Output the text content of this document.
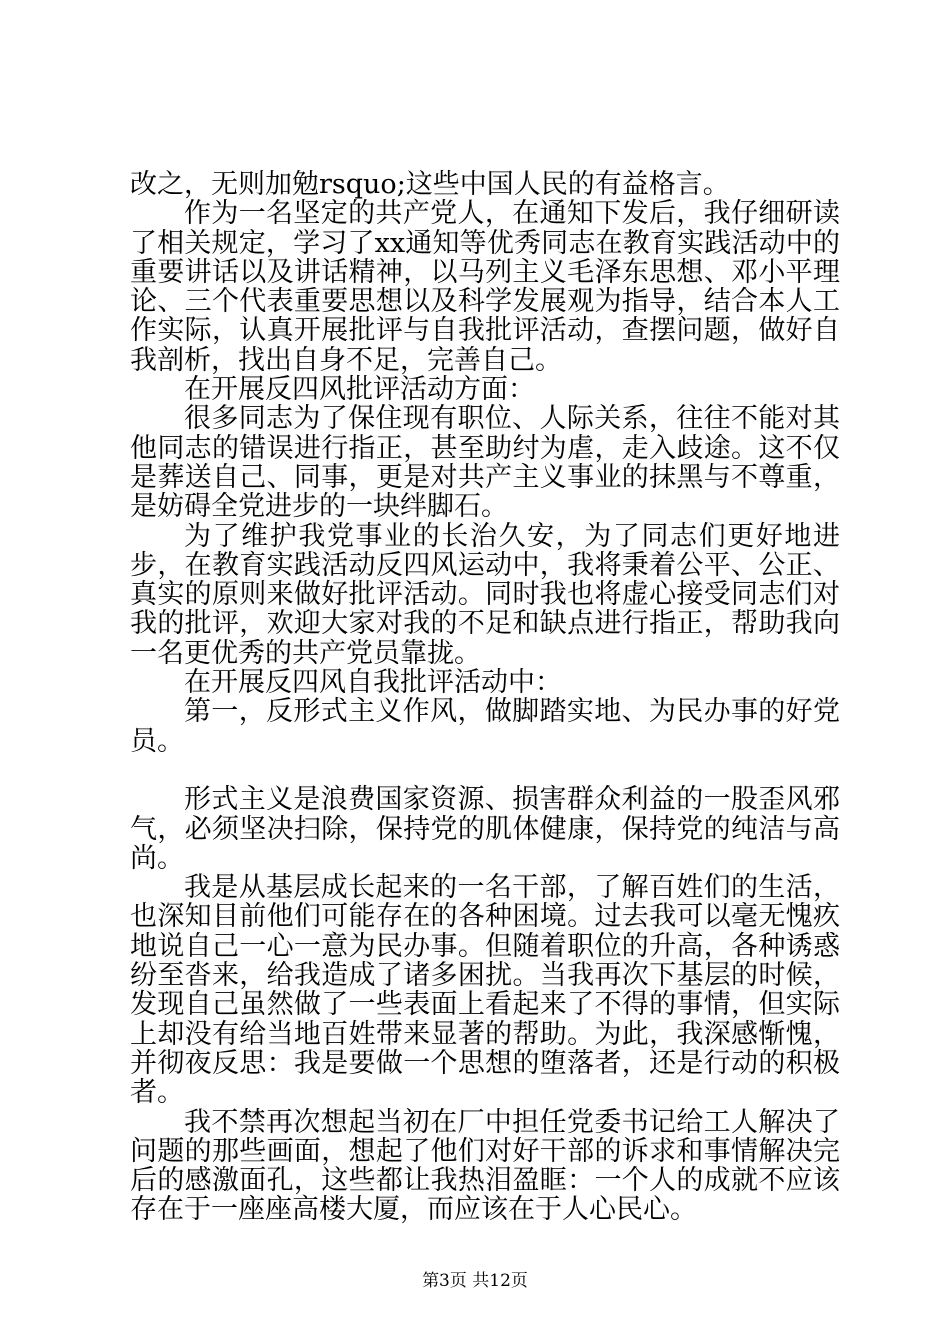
改之，无则加勉rsquo;这些中国人民的有益格言。

作为一名坚定的共产党人，在通知下发后，我仔细研读了相关规定，学习了xx通知等优秀同志在教育实践活动中的重要讲话以及讲话精神，以马列主义毛泽东思想、邓小平理论、三个代表重要思想以及科学发展观为指导，结合本人工作实际，认真开展批评与自我批评活动，查摆问题，做好自我剖析，找出自身不足，完善自己。

在开展反四风批评活动方面：

很多同志为了保住现有职位、人际关系，往往不能对其他同志的错误进行指正，甚至助纣为虐，走入歧途。这不仅是葬送自己、同事，更是对共产主义事业的抹黑与不尊重，是妨碍全党进步的一块绊脚石。

为了维护我党事业的长治久安，为了同志们更好地进步，在教育实践活动反四风运动中，我将秉着公平、公正、真实的原则来做好批评活动。同时我也将虚心接受同志们对我的批评，欢迎大家对我的不足和缺点进行指正，帮助我向一名更优秀的共产党员靠拢。

在开展反四风自我批评活动中：

第一，反形式主义作风，做脚踏实地、为民办事的好党员。

形式主义是浪费国家资源、损害群众利益的一股歪风邪气，必须坚决扫除，保持党的肌体健康，保持党的纯洁与高尚。

我是从基层成长起来的一名干部，了解百姓们的生活，也深知目前他们可能存在的各种困境。过去我可以毫无愧疚地说自己一心一意为民办事。但随着职位的升高，各种诱惑纷至沓来，给我造成了诸多困扰。当我再次下基层的时候，发现自己虽然做了一些表面上看起来了不得的事情，但实际上却没有给当地百姓带来显著的帮助。为此，我深感惭愧，并彻夜反思：我是要做一个思想的堕落者，还是行动的积极者。

我不禁再次想起当初在厂中担任党委书记给工人解决了问题的那些画面，想起了他们对好干部的诉求和事情解决完后的感激面孔，这些都让我热泪盈眶：一个人的成就不应该存在于一座座高楼大厦，而应该在于人心民心。

第3页 共12页
